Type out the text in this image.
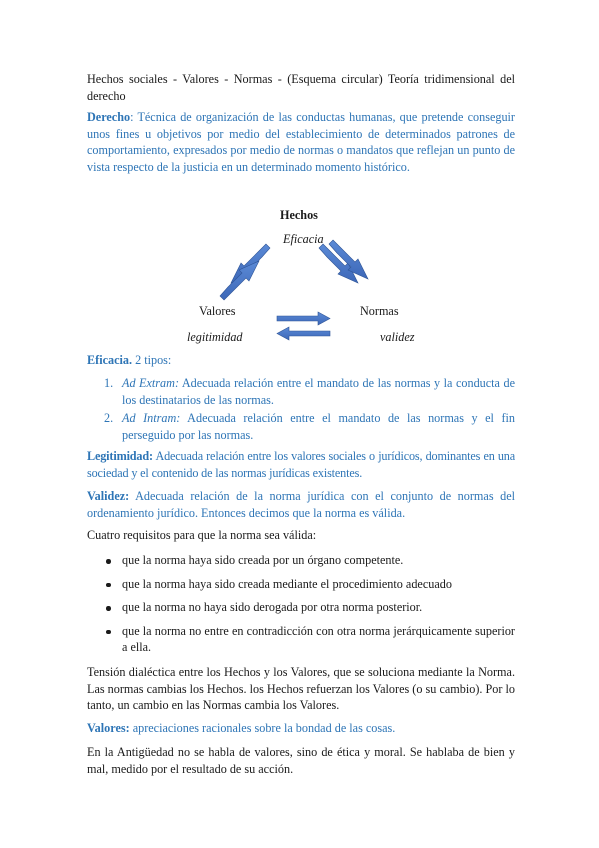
Hechos sociales - Valores - Normas - (Esquema circular) Teoría tridimensional del derecho

Derecho: Técnica de organización de las conductas humanas, que pretende conseguir unos fines u objetivos por medio del establecimiento de determinados patrones de comportamiento, expresados por medio de normas o mandatos que reflejan un punto de vista respecto de la justicia en un determinado momento histórico.

Hechos
Eficacia
Valores
legitimidad
Normas
validez

Eficacia. 2 tipos:

1. Ad Extram: Adecuada relación entre el mandato de las normas y la conducta de los destinatarios de las normas.
2. Ad Intram: Adecuada relación entre el mandato de las normas y el fin perseguido por las normas.

Legitimidad: Adecuada relación entre los valores sociales o jurídicos, dominantes en una sociedad y el contenido de las normas jurídicas existentes.

Validez: Adecuada relación de la norma jurídica con el conjunto de normas del ordenamiento jurídico. Entonces decimos que la norma es válida.

Cuatro requisitos para que la norma sea válida:

que la norma haya sido creada por un órgano competente.
que la norma haya sido creada mediante el procedimiento adecuado
que la norma no haya sido derogada por otra norma posterior.
que la norma no entre en contradicción con otra norma jerárquicamente superior a ella.

Tensión dialéctica entre los Hechos y los Valores, que se soluciona mediante la Norma. Las normas cambias los Hechos. los Hechos refuerzan los Valores (o su cambio). Por lo tanto, un cambio en las Normas cambia los Valores.

Valores: apreciaciones racionales sobre la bondad de las cosas.

En la Antigüedad no se habla de valores, sino de ética y moral. Se hablaba de bien y mal, medido por el resultado de su acción.
